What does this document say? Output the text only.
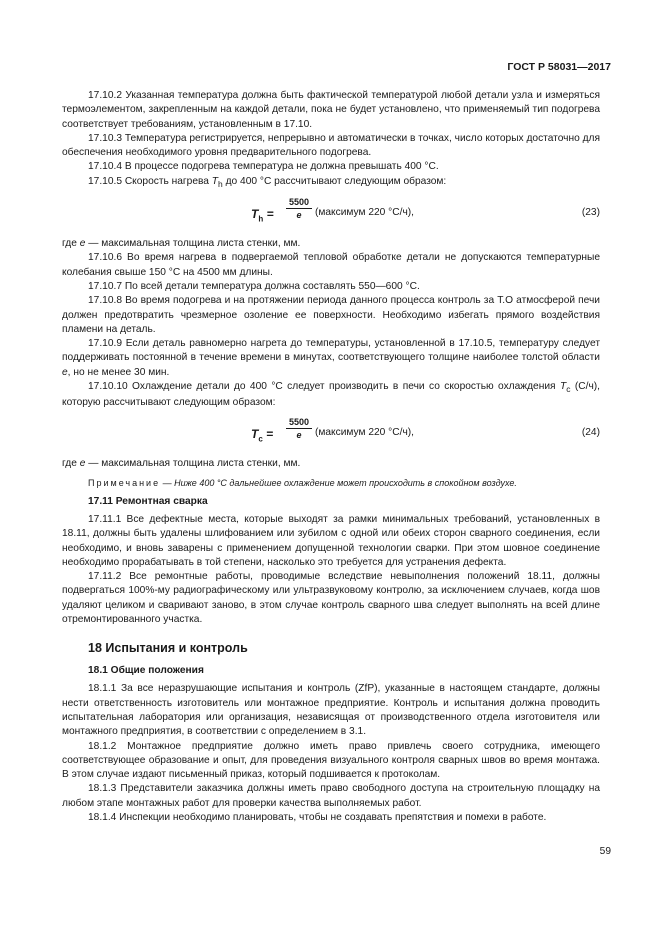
ГОСТ Р 58031—2017

17.10.2 Указанная температура должна быть фактической температурой любой детали узла и измеряться термоэлементом, закрепленным на каждой детали, пока не будет установлено, что применяемый тип подогрева соответствует требованиям, установленным в 17.10.

17.10.3 Температура регистрируется, непрерывно и автоматически в точках, число которых достаточно для обеспечения необходимого уровня предварительного подогрева.

17.10.4 В процессе подогрева температура не должна превышать 400 °С.

17.10.5 Скорость нагрева $T_h$ до 400 °С рассчитывают следующим образом:

$T_h = \frac{5500}{e}$ (максимум 220 °С/ч),	(23)

где е — максимальная толщина листа стенки, мм.

17.10.6 Во время нагрева в подвергаемой тепловой обработке детали не допускаются температурные колебания свыше 150 °С на 4500 мм длины.

17.10.7 По всей детали температура должна составлять 550—600 °С.

17.10.8 Во время подогрева и на протяжении периода данного процесса контроль за Т.О атмосферой печи должен предотвратить чрезмерное озоление ее поверхности. Необходимо избегать прямого воздействия пламени на деталь.

17.10.9 Если деталь равномерно нагрета до температуры, установленной в 17.10.5, температуру следует поддерживать постоянной в течение времени в минутах, соответствующего толщине наиболее толстой области е, но не менее 30 мин.

17.10.10 Охлаждение детали до 400 °С следует производить в печи со скоростью охлаждения $T_c$ (С/ч), которую рассчитывают следующим образом:

$T_c = \frac{5500}{e}$ (максимум 220 °С/ч),	(24)

где е — максимальная толщина листа стенки, мм.

Примечание — Ниже 400 °С дальнейшее охлаждение может происходить в спокойном воздухе.
17.11 Ремонтная сварка

17.11.1 Все дефектные места, которые выходят за рамки минимальных требований, установленных в 18.11, должны быть удалены шлифованием или зубилом с одной или обеих сторон сварного соединения, если необходимо, и вновь заварены с применением допущенной технологии сварки. При этом шовное соединение необходимо прорабатывать в той степени, насколько это требуется для устранения дефекта.

17.11.2 Все ремонтные работы, проводимые вследствие невыполнения положений 18.11, должны подвергаться 100%-му радиографическому или ультразвуковому контролю, за исключением случаев, когда шов удаляют целиком и сваривают заново, в этом случае контроль сварного шва следует выполнять на всей длине отремонтированного участка.

18 Испытания и контроль
18.1 Общие положения

18.1.1 За все неразрушающие испытания и контроль (ZfP), указанные в настоящем стандарте, должны нести ответственность изготовитель или монтажное предприятие. Контроль и испытания должна проводить испытательная лаборатория или организация, независящая от производственного отдела изготовителя или монтажного предприятия, в соответствии с определением в 3.1.

18.1.2 Монтажное предприятие должно иметь право привлечь своего сотрудника, имеющего соответствующее образование и опыт, для проведения визуального контроля сварных швов во время монтажа. В этом случае издают письменный приказ, который подшивается к протоколам.

18.1.3 Представители заказчика должны иметь право свободного доступа на строительную площадку на любом этапе монтажных работ для проверки качества выполняемых работ.

18.1.4 Инспекции необходимо планировать, чтобы не создавать препятствия и помехи в работе.

59
